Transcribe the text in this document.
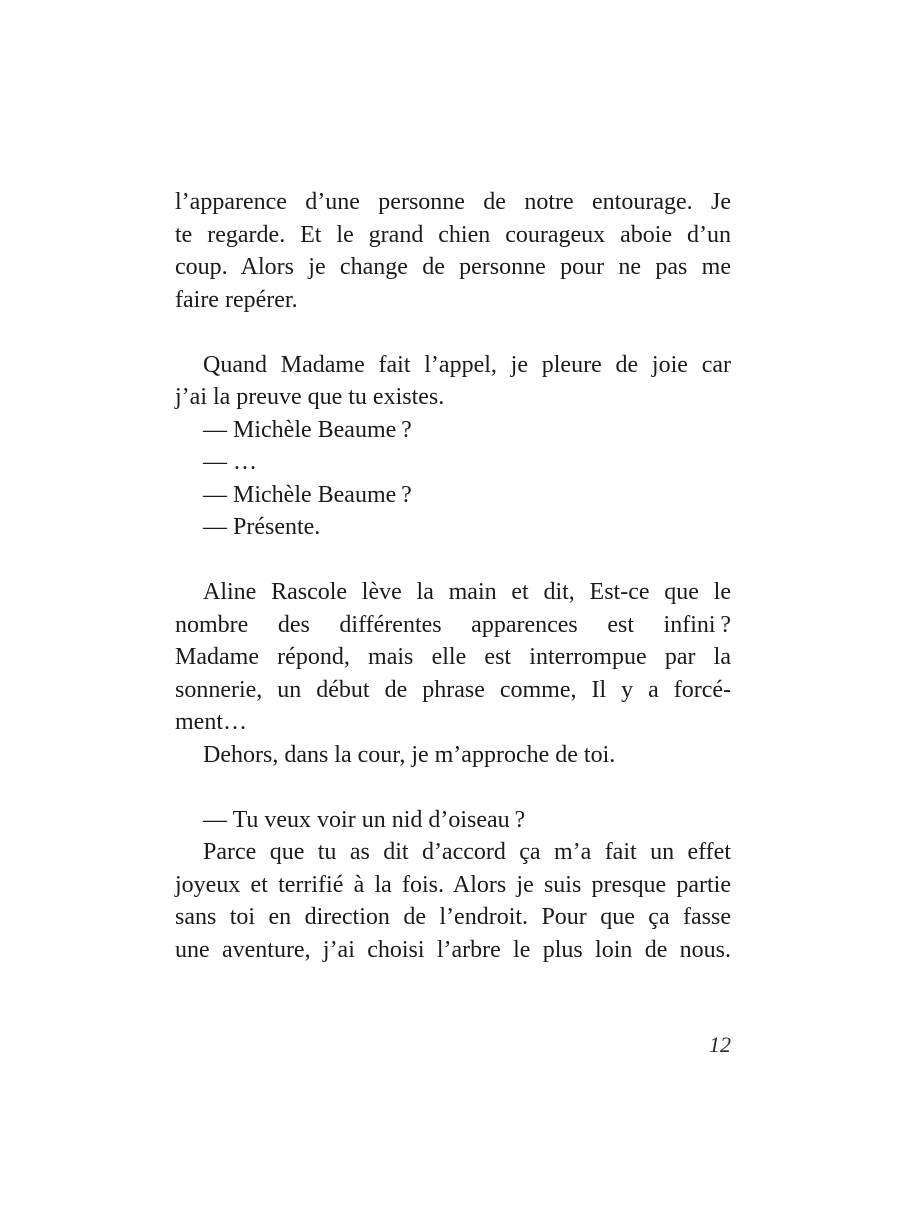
l’apparence d’une personne de notre entourage. Je
te regarde. Et le grand chien courageux aboie d’un
coup. Alors je change de personne pour ne pas me
faire repérer.
Quand Madame fait l’appel, je pleure de joie car
j’ai la preuve que tu existes.
— Michèle Beaume ?
— …
— Michèle Beaume ?
— Présente.
Aline Rascole lève la main et dit, Est-ce que le
nombre des différentes apparences est infini ?
Madame répond, mais elle est interrompue par la
sonnerie, un début de phrase comme, Il y a forcé-
ment…
Dehors, dans la cour, je m’approche de toi.
— Tu veux voir un nid d’oiseau ?
Parce que tu as dit d’accord ça m’a fait un effet
joyeux et terrifié à la fois. Alors je suis presque partie
sans toi en direction de l’endroit. Pour que ça fasse
une aventure, j’ai choisi l’arbre le plus loin de nous.
12
